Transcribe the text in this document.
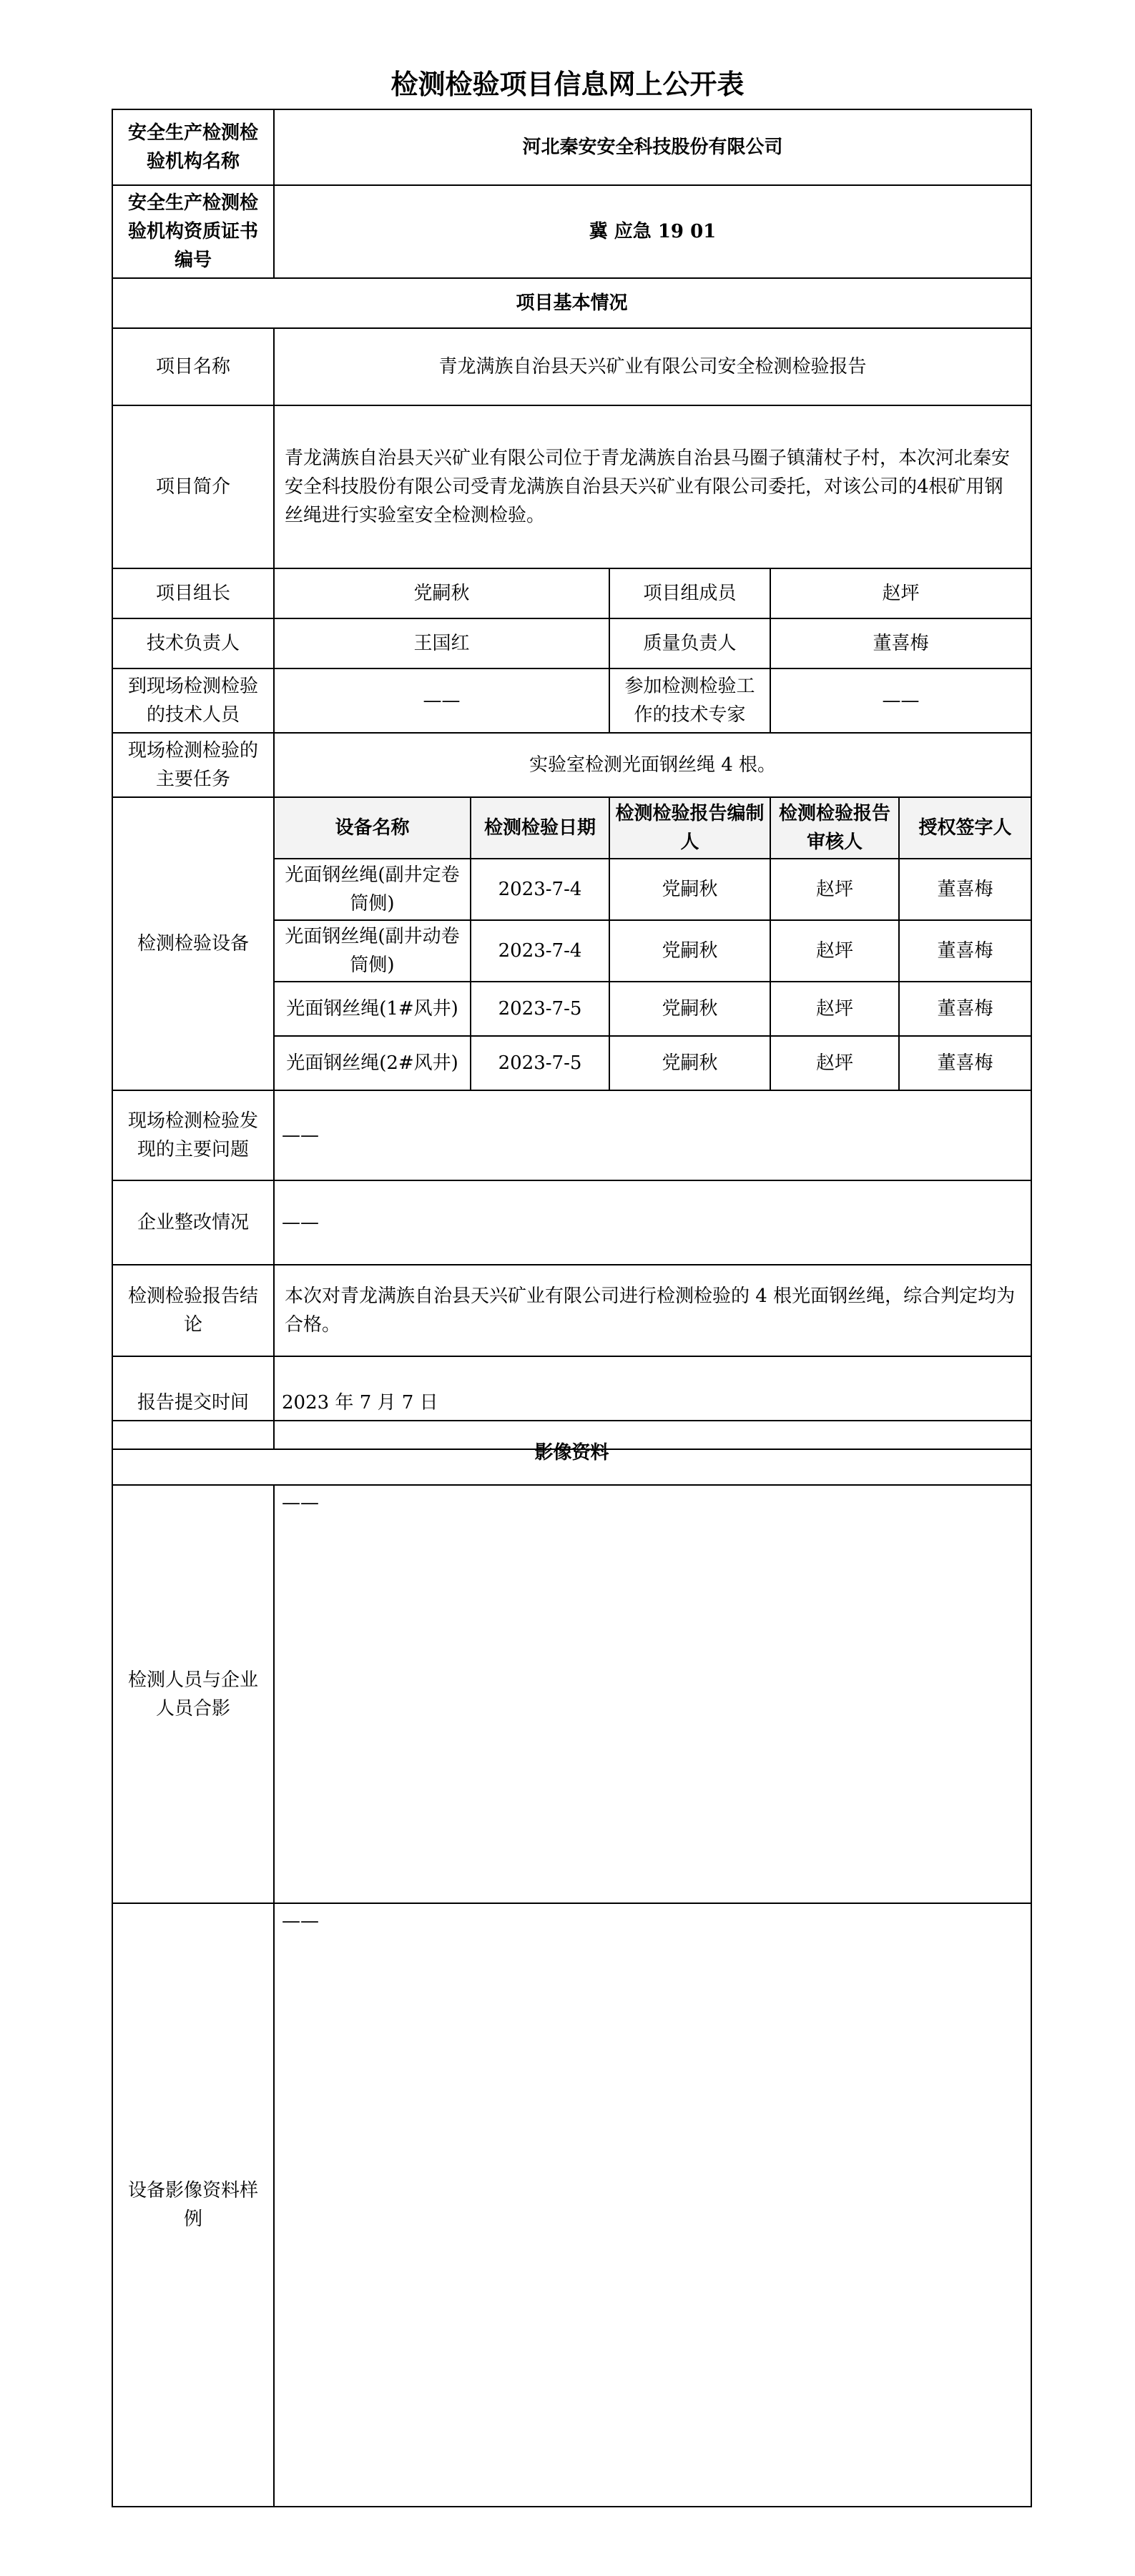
检测检验项目信息网上公开表
安全生产检测检验机构名称	河北秦安安全科技股份有限公司				
安全生产检测检验机构资质证书编号	冀 应急 19 01				
项目基本情况					
项目名称	青龙满族自治县天兴矿业有限公司安全检测检验报告				
项目简介	青龙满族自治县天兴矿业有限公司位于青龙满族自治县马圈子镇蒲杖子村，本次河北秦安安全科技股份有限公司受青龙满族自治县天兴矿业有限公司委托，对该公司的4根矿用钢丝绳进行实验室安全检测检验。				
项目组长	党嗣秋		项目组成员	赵坪	
技术负责人	王国红		质量负责人	董喜梅	
到现场检测检验的技术人员	——		参加检测检验工作的技术专家	——	
现场检测检验的主要任务	实验室检测光面钢丝绳 4 根。				
检测检验设备	设备名称	检测检验日期	检测检验报告编制人	检测检验报告审核人	授权签字人
	光面钢丝绳(副井定卷筒侧)	2023-7-4	党嗣秋	赵坪	董喜梅
	光面钢丝绳(副井动卷筒侧)	2023-7-4	党嗣秋	赵坪	董喜梅
	光面钢丝绳(1#风井)	2023-7-5	党嗣秋	赵坪	董喜梅
	光面钢丝绳(2#风井)	2023-7-5	党嗣秋	赵坪	董喜梅
现场检测检验发现的主要问题	——				
企业整改情况	——				
检测检验报告结论	本次对青龙满族自治县天兴矿业有限公司进行检测检验的 4 根光面钢丝绳，综合判定均为合格。				
报告提交时间	2023 年 7 月 7 日				
影像资料	
检测人员与企业人员合影	——
设备影像资料样例	——
